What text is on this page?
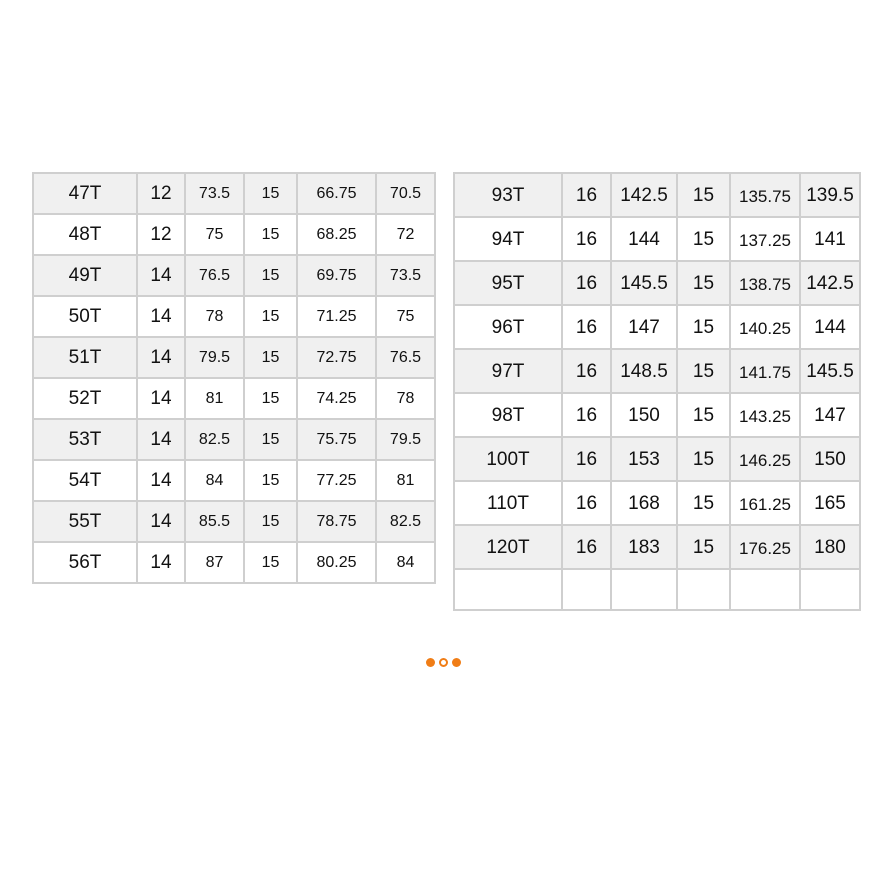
47T	12	73.5	15	66.75	70.5
48T	12	75	15	68.25	72
49T	14	76.5	15	69.75	73.5
50T	14	78	15	71.25	75
51T	14	79.5	15	72.75	76.5
52T	14	81	15	74.25	78
53T	14	82.5	15	75.75	79.5
54T	14	84	15	77.25	81
55T	14	85.5	15	78.75	82.5
56T	14	87	15	80.25	84
93T	16	142.5	15	135.75	139.5
94T	16	144	15	137.25	141
95T	16	145.5	15	138.75	142.5
96T	16	147	15	140.25	144
97T	16	148.5	15	141.75	145.5
98T	16	150	15	143.25	147
100T	16	153	15	146.25	150
110T	16	168	15	161.25	165
120T	16	183	15	176.25	180
